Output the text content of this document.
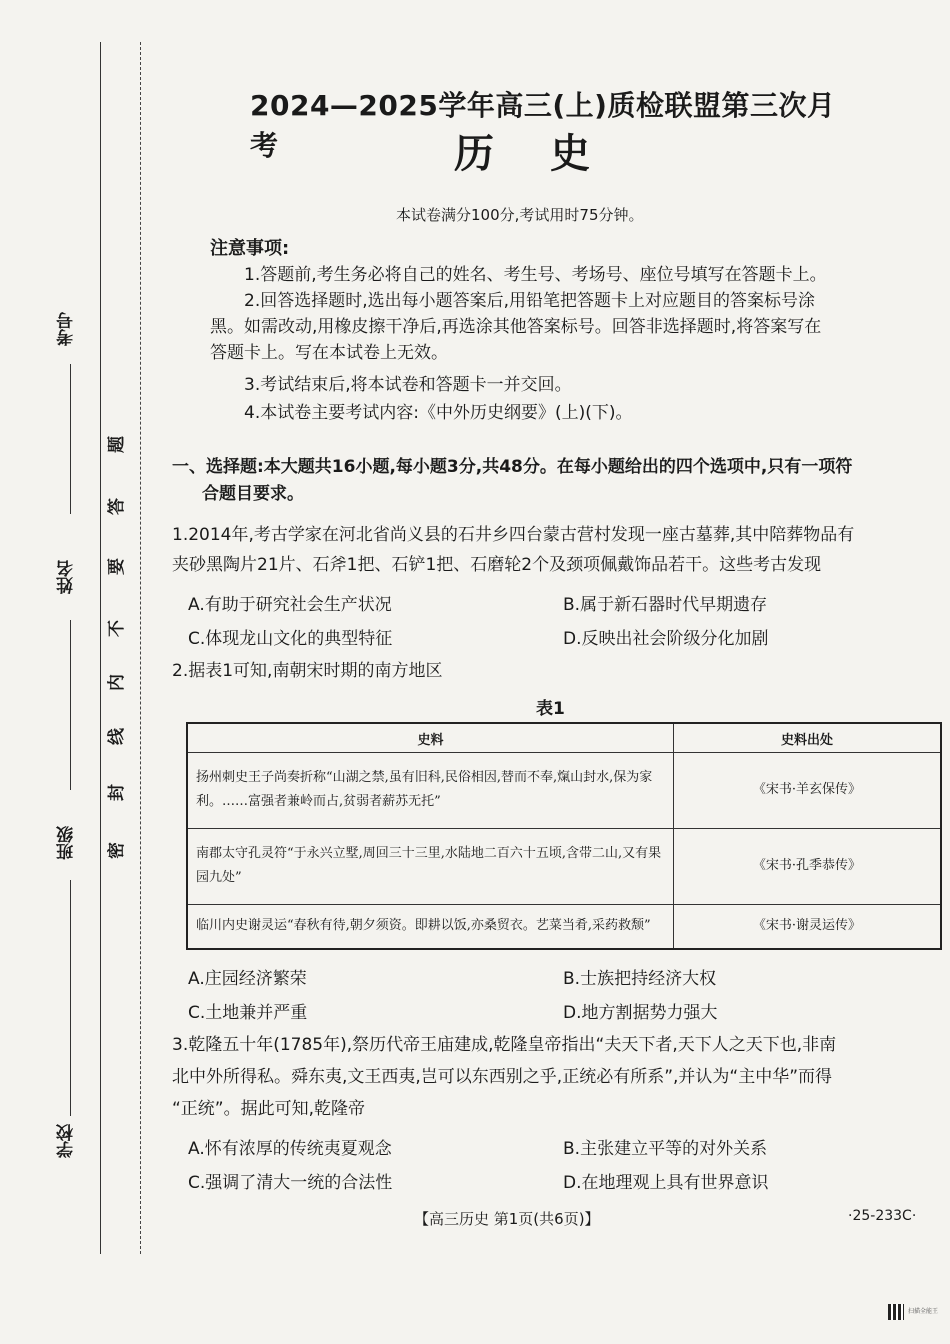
考号
姓名
班级
学校
题
答
要
不
内
线
封
密
2024—2025学年高三(上)质检联盟第三次月考	历史
本试卷满分100分,考试用时75分钟。
注意事项:
1.答题前,考生务必将自己的姓名、考生号、考场号、座位号填写在答题卡上。
2.回答选择题时,选出每小题答案后,用铅笔把答题卡上对应题目的答案标号涂
黑。如需改动,用橡皮擦干净后,再选涂其他答案标号。回答非选择题时,将答案写在
答题卡上。写在本试卷上无效。
3.考试结束后,将本试卷和答题卡一并交回。
4.本试卷主要考试内容:《中外历史纲要》(上)(下)。
一、选择题:本大题共16小题,每小题3分,共48分。在每小题给出的四个选项中,只有一项符
合题目要求。
1.2014年,考古学家在河北省尚义县的石井乡四台蒙古营村发现一座古墓葬,其中陪葬物品有
夹砂黑陶片21片、石斧1把、石铲1把、石磨轮2个及颈项佩戴饰品若干。这些考古发现
A.有助于研究社会生产状况	B.属于新石器时代早期遗存
C.体现龙山文化的典型特征	D.反映出社会阶级分化加剧
2.据表1可知,南朝宋时期的南方地区
表1
史料	史料出处
扬州刺史王子尚奏折称“山湖之禁,虽有旧科,民俗相因,替而不奉,熂山封水,保为家利。……富强者兼岭而占,贫弱者薪苏无托”	《宋书·羊玄保传》
南郡太守孔灵符“于永兴立墅,周回三十三里,水陆地二百六十五顷,含带二山,又有果园九处”	《宋书·孔季恭传》
临川内史谢灵运“春秋有待,朝夕须资。即耕以饭,亦桑贸衣。艺菜当肴,采药救颓”	《宋书·谢灵运传》
A.庄园经济繁荣	B.士族把持经济大权
C.土地兼并严重	D.地方割据势力强大
3.乾隆五十年(1785年),祭历代帝王庙建成,乾隆皇帝指出“夫天下者,天下人之天下也,非南
北中外所得私。舜东夷,文王西夷,岂可以东西别之乎,正统必有所系”,并认为“主中华”而得
“正统”。据此可知,乾隆帝
A.怀有浓厚的传统夷夏观念	B.主张建立平等的对外关系
C.强调了清大一统的合法性	D.在地理观上具有世界意识
【高三历史 第1页(共6页)】	·25-233C·
扫描全能王
